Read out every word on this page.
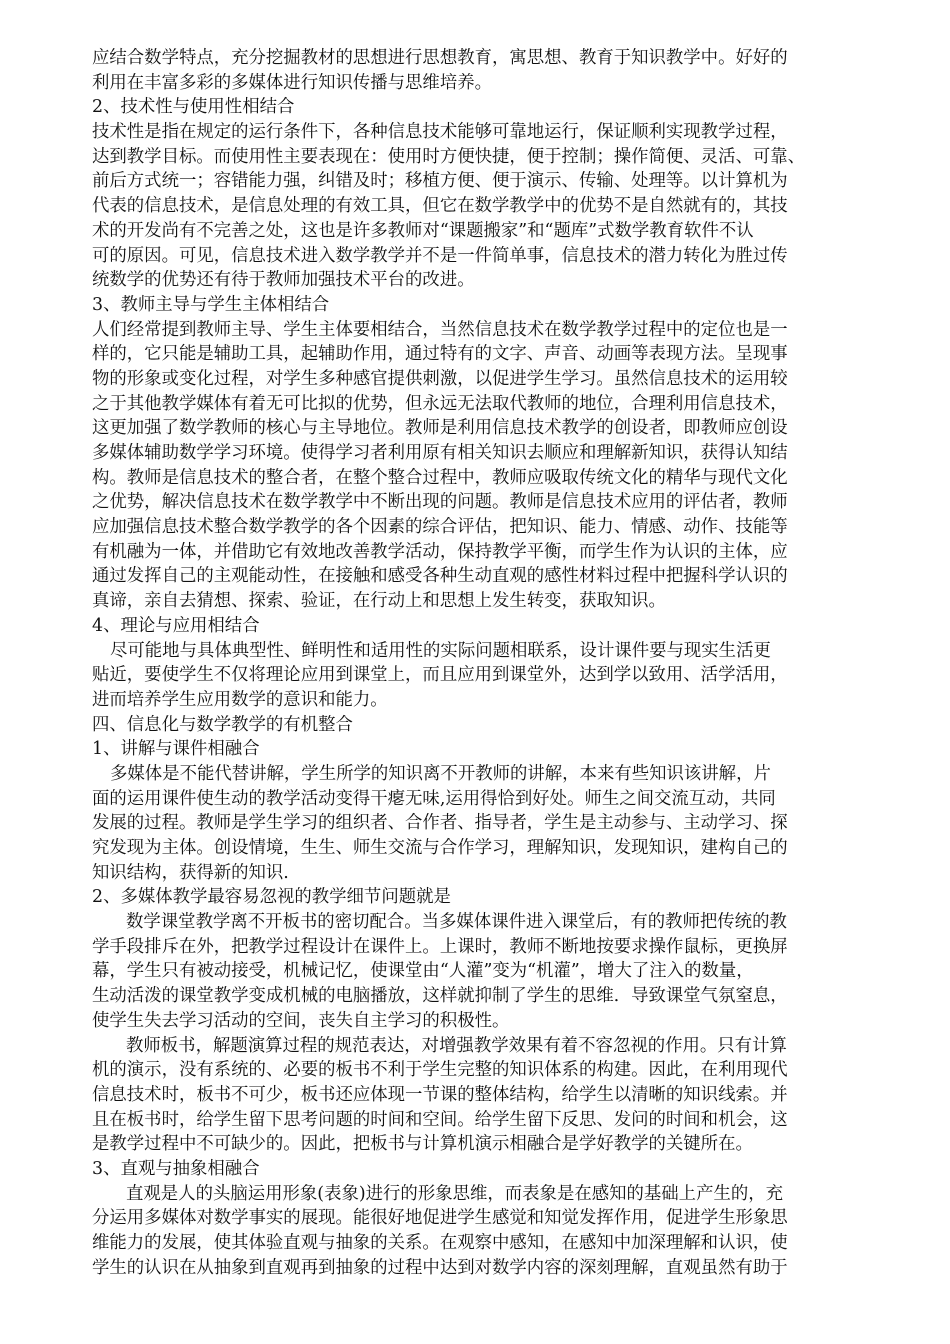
应结合数学特点，充分挖掘教材的思想进行思想教育，寓思想、教育于知识教学中。好好的
利用在丰富多彩的多媒体进行知识传播与思维培养。
2、技术性与使用性相结合
技术性是指在规定的运行条件下，各种信息技术能够可靠地运行，保证顺利实现教学过程，
达到教学目标。而使用性主要表现在：使用时方便快捷，便于控制；操作简便、灵活、可靠、
前后方式统一；容错能力强，纠错及时；移植方便、便于演示、传输、处理等。以计算机为
代表的信息技术，是信息处理的有效工具，但它在数学教学中的优势不是自然就有的，其技
术的开发尚有不完善之处，这也是许多教师对“课题搬家”和“题库”式数学教育软件不认
可的原因。可见，信息技术进入数学教学并不是一件简单事，信息技术的潜力转化为胜过传
统数学的优势还有待于教师加强技术平台的改进。
3、教师主导与学生主体相结合
人们经常提到教师主导、学生主体要相结合，当然信息技术在数学教学过程中的定位也是一
样的，它只能是辅助工具，起辅助作用，通过特有的文字、声音、动画等表现方法。呈现事
物的形象或变化过程，对学生多种感官提供刺激，以促进学生学习。虽然信息技术的运用较
之于其他教学媒体有着无可比拟的优势，但永远无法取代教师的地位，合理利用信息技术，
这更加强了数学教师的核心与主导地位。教师是利用信息技术教学的创设者，即教师应创设
多媒体辅助数学学习环境。使得学习者利用原有相关知识去顺应和理解新知识，获得认知结
构。教师是信息技术的整合者，在整个整合过程中，教师应吸取传统文化的精华与现代文化
之优势，解决信息技术在数学教学中不断出现的问题。教师是信息技术应用的评估者，教师
应加强信息技术整合数学教学的各个因素的综合评估，把知识、能力、情感、动作、技能等
有机融为一体，并借助它有效地改善教学活动，保持教学平衡，而学生作为认识的主体，应
通过发挥自己的主观能动性，在接触和感受各种生动直观的感性材料过程中把握科学认识的
真谛，亲自去猜想、探索、验证，在行动上和思想上发生转变，获取知识。
4、理论与应用相结合
尽可能地与具体典型性、鲜明性和适用性的实际问题相联系，设计课件要与现实生活更
贴近，要使学生不仅将理论应用到课堂上，而且应用到课堂外，达到学以致用、活学活用，
进而培养学生应用数学的意识和能力。
四、信息化与数学教学的有机整合
1、讲解与课件相融合
多媒体是不能代替讲解，学生所学的知识离不开教师的讲解，本来有些知识该讲解，片
面的运用课件使生动的教学活动变得干瘪无味,运用得恰到好处。师生之间交流互动，共同
发展的过程。教师是学生学习的组织者、合作者、指导者，学生是主动参与、主动学习、探
究发现为主体。创设情境，生生、师生交流与合作学习，理解知识，发现知识，建构自己的
知识结构，获得新的知识.
2、多媒体教学最容易忽视的教学细节问题就是
数学课堂教学离不开板书的密切配合。当多媒体课件进入课堂后，有的教师把传统的教
学手段排斥在外，把教学过程设计在课件上。上课时，教师不断地按要求操作鼠标，更换屏
幕，学生只有被动接受，机械记忆，使课堂由“人灌”变为“机灌”，增大了注入的数量，
生动活泼的课堂教学变成机械的电脑播放，这样就抑制了学生的思维．导致课堂气氛窒息，
使学生失去学习活动的空间，丧失自主学习的积极性。
教师板书，解题演算过程的规范表达，对增强教学效果有着不容忽视的作用。只有计算
机的演示，没有系统的、必要的板书不利于学生完整的知识体系的构建。因此，在利用现代
信息技术时，板书不可少，板书还应体现一节课的整体结构，给学生以清晰的知识线索。并
且在板书时，给学生留下思考问题的时间和空间。给学生留下反思、发问的时间和机会，这
是教学过程中不可缺少的。因此，把板书与计算机演示相融合是学好教学的关键所在。
3、直观与抽象相融合
直观是人的头脑运用形象(表象)进行的形象思维，而表象是在感知的基础上产生的，充
分运用多媒体对数学事实的展现。能很好地促进学生感觉和知觉发挥作用，促进学生形象思
维能力的发展，使其体验直观与抽象的关系。在观察中感知，在感知中加深理解和认识，使
学生的认识在从抽象到直观再到抽象的过程中达到对数学内容的深刻理解，直观虽然有助于
